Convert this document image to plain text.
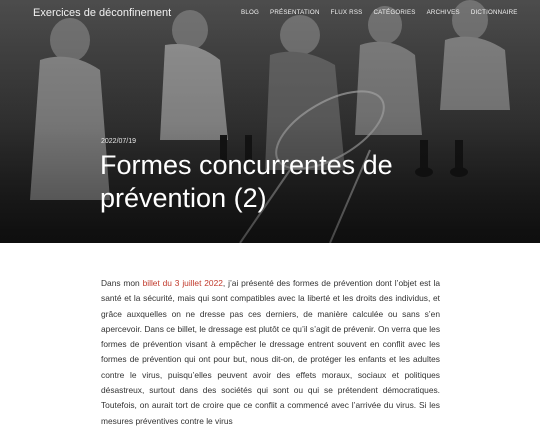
Exercices de déconfinement	BLOG PRÉSENTATION FLUX RSS CATÉGORIES ARCHIVES DICTIONNAIRE
2022/07/19
Formes concurrentes de prévention (2)
Dans mon billet du 3 juillet 2022, j’ai présenté des formes de prévention dont l’objet est la santé et la sécurité, mais qui sont compatibles avec la liberté et les droits des individus, et grâce auxquelles on ne dresse pas ces derniers, de manière calculée ou sans s’en apercevoir. Dans ce billet, le dressage est plutôt ce qu’il s’agit de prévenir. On verra que les formes de prévention visant à empêcher le dressage entrent souvent en conflit avec les formes de prévention qui ont pour but, nous dit-on, de protéger les enfants et les adultes contre le virus, puisqu’elles peuvent avoir des effets moraux, sociaux et politiques désastreux, surtout dans des sociétés qui sont ou qui se prétendent démocratiques. Toutefois, on aurait tort de croire que ce conflit a commencé avec l’arrivée du virus. Si les mesures préventives contre le virus
